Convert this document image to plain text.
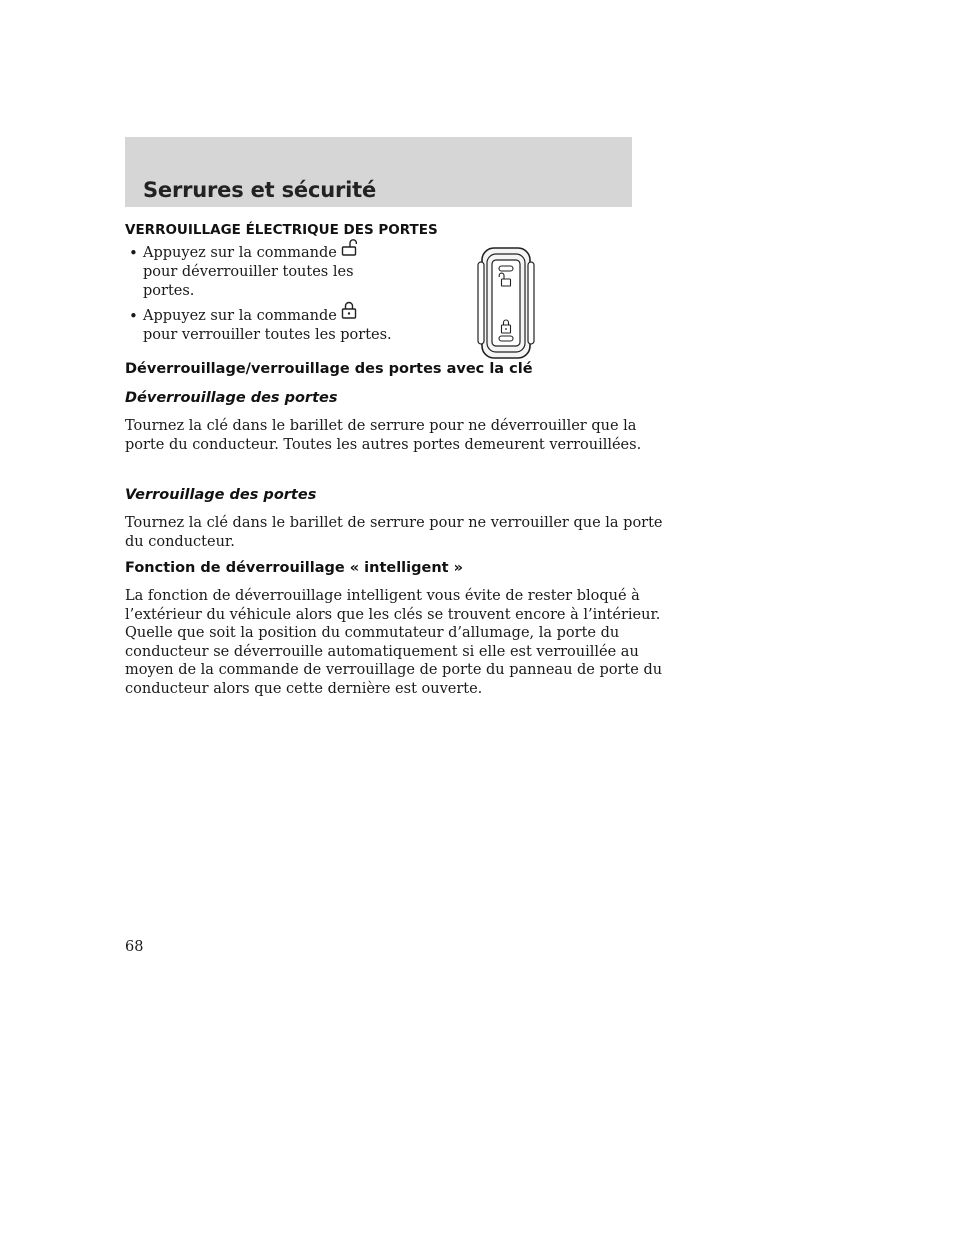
Serrures et sécurité
VERROUILLAGE ÉLECTRIQUE DES PORTES
• Appuyez sur la commande
pour déverrouiller toutes les
portes.
• Appuyez sur la commande
pour verrouiller toutes les portes.
Déverrouillage/verrouillage des portes avec la clé
Déverrouillage des portes
Tournez la clé dans le barillet de serrure pour ne déverrouiller que la
porte du conducteur. Toutes les autres portes demeurent verrouillées.
Verrouillage des portes
Tournez la clé dans le barillet de serrure pour ne verrouiller que la porte
du conducteur.
Fonction de déverrouillage « intelligent »
La fonction de déverrouillage intelligent vous évite de rester bloqué à
l’extérieur du véhicule alors que les clés se trouvent encore à l’intérieur.
Quelle que soit la position du commutateur d’allumage, la porte du
conducteur se déverrouille automatiquement si elle est verrouillée au
moyen de la commande de verrouillage de porte du panneau de porte du
conducteur alors que cette dernière est ouverte.
68
